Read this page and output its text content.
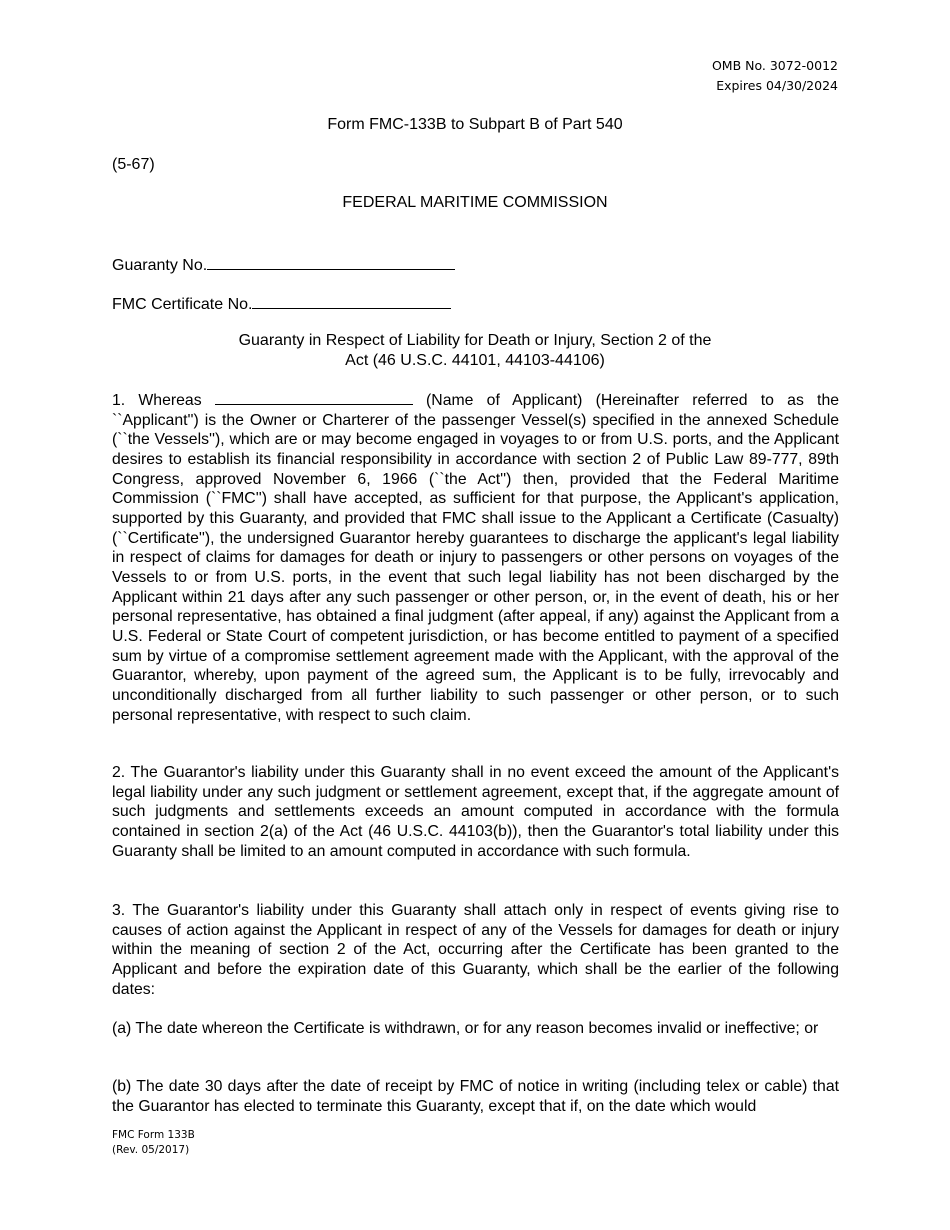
OMB No. 3072-0012
Expires 04/30/2024
Form FMC-133B to Subpart B of Part 540
(5-67)
FEDERAL MARITIME COMMISSION
Guaranty No.
FMC Certificate No.
Guaranty in Respect of Liability for Death or Injury, Section 2 of the
Act (46 U.S.C. 44101, 44103-44106)
1. Whereas	(Name of Applicant) (Hereinafter referred to as the ``Applicant'') is the Owner or Charterer of the passenger Vessel(s) specified in the annexed Schedule (``the Vessels''), which are or may become engaged in voyages to or from U.S. ports, and the Applicant desires to establish its financial responsibility in accordance with section 2 of Public Law 89-777, 89th Congress, approved November 6, 1966 (``the Act'') then, provided that the Federal Maritime Commission (``FMC'') shall have accepted, as sufficient for that purpose, the Applicant's application, supported by this Guaranty, and provided that FMC shall issue to the Applicant a Certificate (Casualty) (``Certificate''), the undersigned Guarantor hereby guarantees to discharge the applicant's legal liability in respect of claims for damages for death or injury to passengers or other persons on voyages of the Vessels to or from U.S. ports, in the event that such legal liability has not been discharged by the Applicant within 21 days after any such passenger or other person, or, in the event of death, his or her personal representative, has obtained a final judgment (after appeal, if any) against the Applicant from a U.S. Federal or State Court of competent jurisdiction, or has become entitled to payment of a specified sum by virtue of a compromise settlement agreement made with the Applicant, with the approval of the Guarantor, whereby, upon payment of the agreed sum, the Applicant is to be fully, irrevocably and unconditionally discharged from all further liability to such passenger or other person, or to such personal representative, with respect to such claim.
2. The Guarantor's liability under this Guaranty shall in no event exceed the amount of the Applicant's legal liability under any such judgment or settlement agreement, except that, if the aggregate amount of such judgments and settlements exceeds an amount computed in accordance with the formula contained in section 2(a) of the Act (46 U.S.C. 44103(b)), then the Guarantor's total liability under this Guaranty shall be limited to an amount computed in accordance with such formula.
3. The Guarantor's liability under this Guaranty shall attach only in respect of events giving rise to causes of action against the Applicant in respect of any of the Vessels for damages for death or injury within the meaning of section 2 of the Act, occurring after the Certificate has been granted to the Applicant and before the expiration date of this Guaranty, which shall be the earlier of the following dates:
(a) The date whereon the Certificate is withdrawn, or for any reason becomes invalid or ineffective; or
(b) The date 30 days after the date of receipt by FMC of notice in writing (including telex or cable) that the Guarantor has elected to terminate this Guaranty, except that if, on the date which would
FMC Form 133B
(Rev. 05/2017)
